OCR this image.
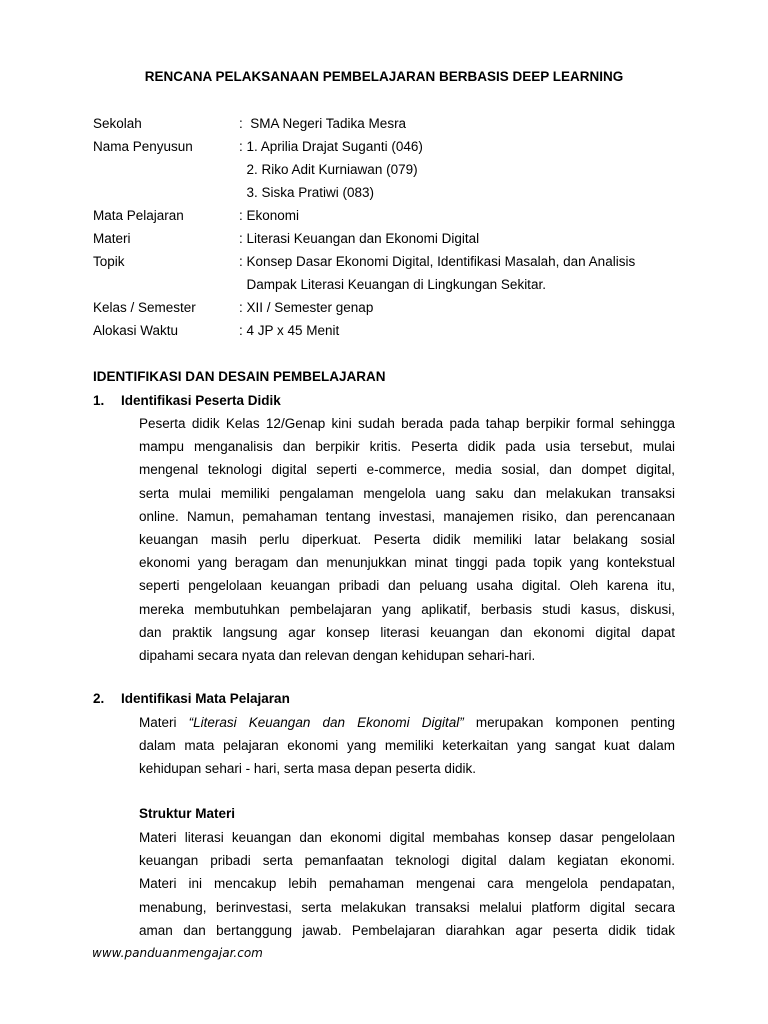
RENCANA PELAKSANAAN PEMBELAJARAN BERBASIS DEEP LEARNING
Sekolah	:  SMA Negeri Tadika Mesra
Nama Penyusun	: 1. Aprilia Drajat Suganti (046)
2. Riko Adit Kurniawan (079)
3. Siska Pratiwi (083)
Mata Pelajaran	: Ekonomi
Materi	: Literasi Keuangan dan Ekonomi Digital
Topik	: Konsep Dasar Ekonomi Digital, Identifikasi Masalah, dan Analisis
Dampak Literasi Keuangan di Lingkungan Sekitar.
Kelas / Semester	: XII / Semester genap
Alokasi Waktu	: 4 JP x 45 Menit
IDENTIFIKASI DAN DESAIN PEMBELAJARAN
1. Identifikasi Peserta Didik
Peserta didik Kelas 12/Genap kini sudah berada pada tahap berpikir formal sehingga
mampu menganalisis dan berpikir kritis. Peserta didik pada usia tersebut, mulai
mengenal teknologi digital seperti e-commerce, media sosial, dan dompet digital,
serta mulai memiliki pengalaman mengelola uang saku dan melakukan transaksi
online. Namun, pemahaman tentang investasi, manajemen risiko, dan perencanaan
keuangan masih perlu diperkuat. Peserta didik memiliki latar belakang sosial
ekonomi yang beragam dan menunjukkan minat tinggi pada topik yang kontekstual
seperti pengelolaan keuangan pribadi dan peluang usaha digital. Oleh karena itu,
mereka membutuhkan pembelajaran yang aplikatif, berbasis studi kasus, diskusi,
dan praktik langsung agar konsep literasi keuangan dan ekonomi digital dapat
dipahami secara nyata dan relevan dengan kehidupan sehari-hari.
2. Identifikasi Mata Pelajaran
Materi “Literasi Keuangan dan Ekonomi Digital” merupakan komponen penting
dalam mata pelajaran ekonomi yang memiliki keterkaitan yang sangat kuat dalam
kehidupan sehari - hari, serta masa depan peserta didik.
Struktur Materi
Materi literasi keuangan dan ekonomi digital membahas konsep dasar pengelolaan
keuangan pribadi serta pemanfaatan teknologi digital dalam kegiatan ekonomi.
Materi ini mencakup lebih pemahaman mengenai cara mengelola pendapatan,
menabung, berinvestasi, serta melakukan transaksi melalui platform digital secara
aman dan bertanggung jawab. Pembelajaran diarahkan agar peserta didik tidak
www.panduanmengajar.com
